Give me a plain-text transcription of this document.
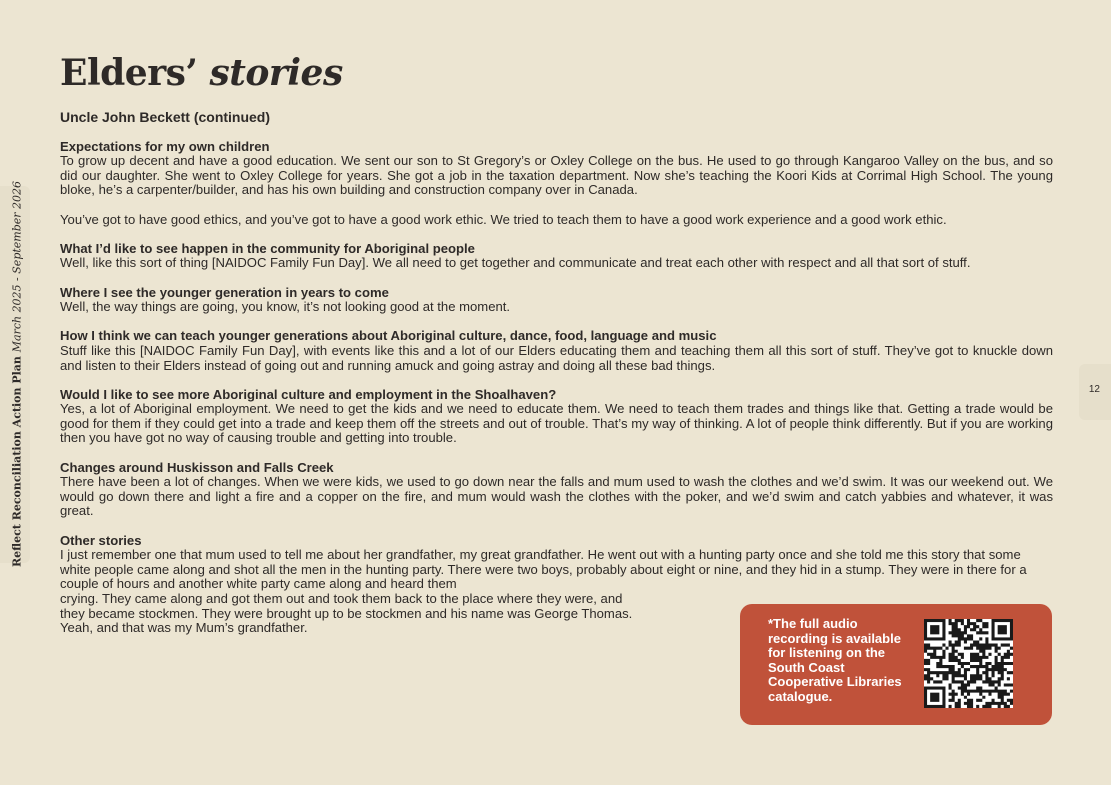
Reflect Reconciliation Action Plan March 2025 - September 2026
12
Elders’ stories
Uncle John Beckett (continued)
Expectations for my own children

To grow up decent and have a good education. We sent our son to St Gregory’s or Oxley College on the bus. He used to go through Kangaroo Valley on the bus, and so did our daughter. She went to Oxley College for years. She got a job in the taxation department. Now she’s teaching the Koori Kids at Corrimal High School. The young bloke, he’s a carpenter/builder, and has his own building and construction company over in Canada.

You’ve got to have good ethics, and you’ve got to have a good work ethic. We tried to teach them to have a good work experience and a good work ethic.

What I’d like to see happen in the community for Aboriginal people

Well, like this sort of thing [NAIDOC Family Fun Day]. We all need to get together and communicate and treat each other with respect and all that sort of stuff.

Where I see the younger generation in years to come

Well, the way things are going, you know, it’s not looking good at the moment.

How I think we can teach younger generations about Aboriginal culture, dance, food, language and music

Stuff like this [NAIDOC Family Fun Day], with events like this and a lot of our Elders educating them and teaching them all this sort of stuff. They’ve got to knuckle down and listen to their Elders instead of going out and running amuck and going astray and doing all these bad things.

Would I like to see more Aboriginal culture and employment in the Shoalhaven?

Yes, a lot of Aboriginal employment. We need to get the kids and we need to educate them. We need to teach them trades and things like that. Getting a trade would be good for them if they could get into a trade and keep them off the streets and out of trouble. That’s my way of thinking. A lot of people think differently. But if you are working then you have got no way of causing trouble and getting into trouble.

Changes around Huskisson and Falls Creek

There have been a lot of changes. When we were kids, we used to go down near the falls and mum used to wash the clothes and we’d swim. It was our weekend out. We would go down there and light a fire and a copper on the fire, and mum would wash the clothes with the poker, and we’d swim and catch yabbies and whatever, it was great.

Other stories

I just remember one that mum used to tell me about her grandfather, my great grandfather. He went out with a hunting party once and she told me this story that some white people came along and shot all the men in the hunting party. There were two boys, probably about eight or nine, and they hid in a stump. They were in there for a couple of hours and another white party came along and heard them
crying. They came along and got them out and took them back to the place where they were, and
they became stockmen. They were brought up to be stockmen and his name was George Thomas.
Yeah, and that was my Mum’s grandfather.	*The full audio recording is available for listening on the South Coast Cooperative Libraries catalogue.
